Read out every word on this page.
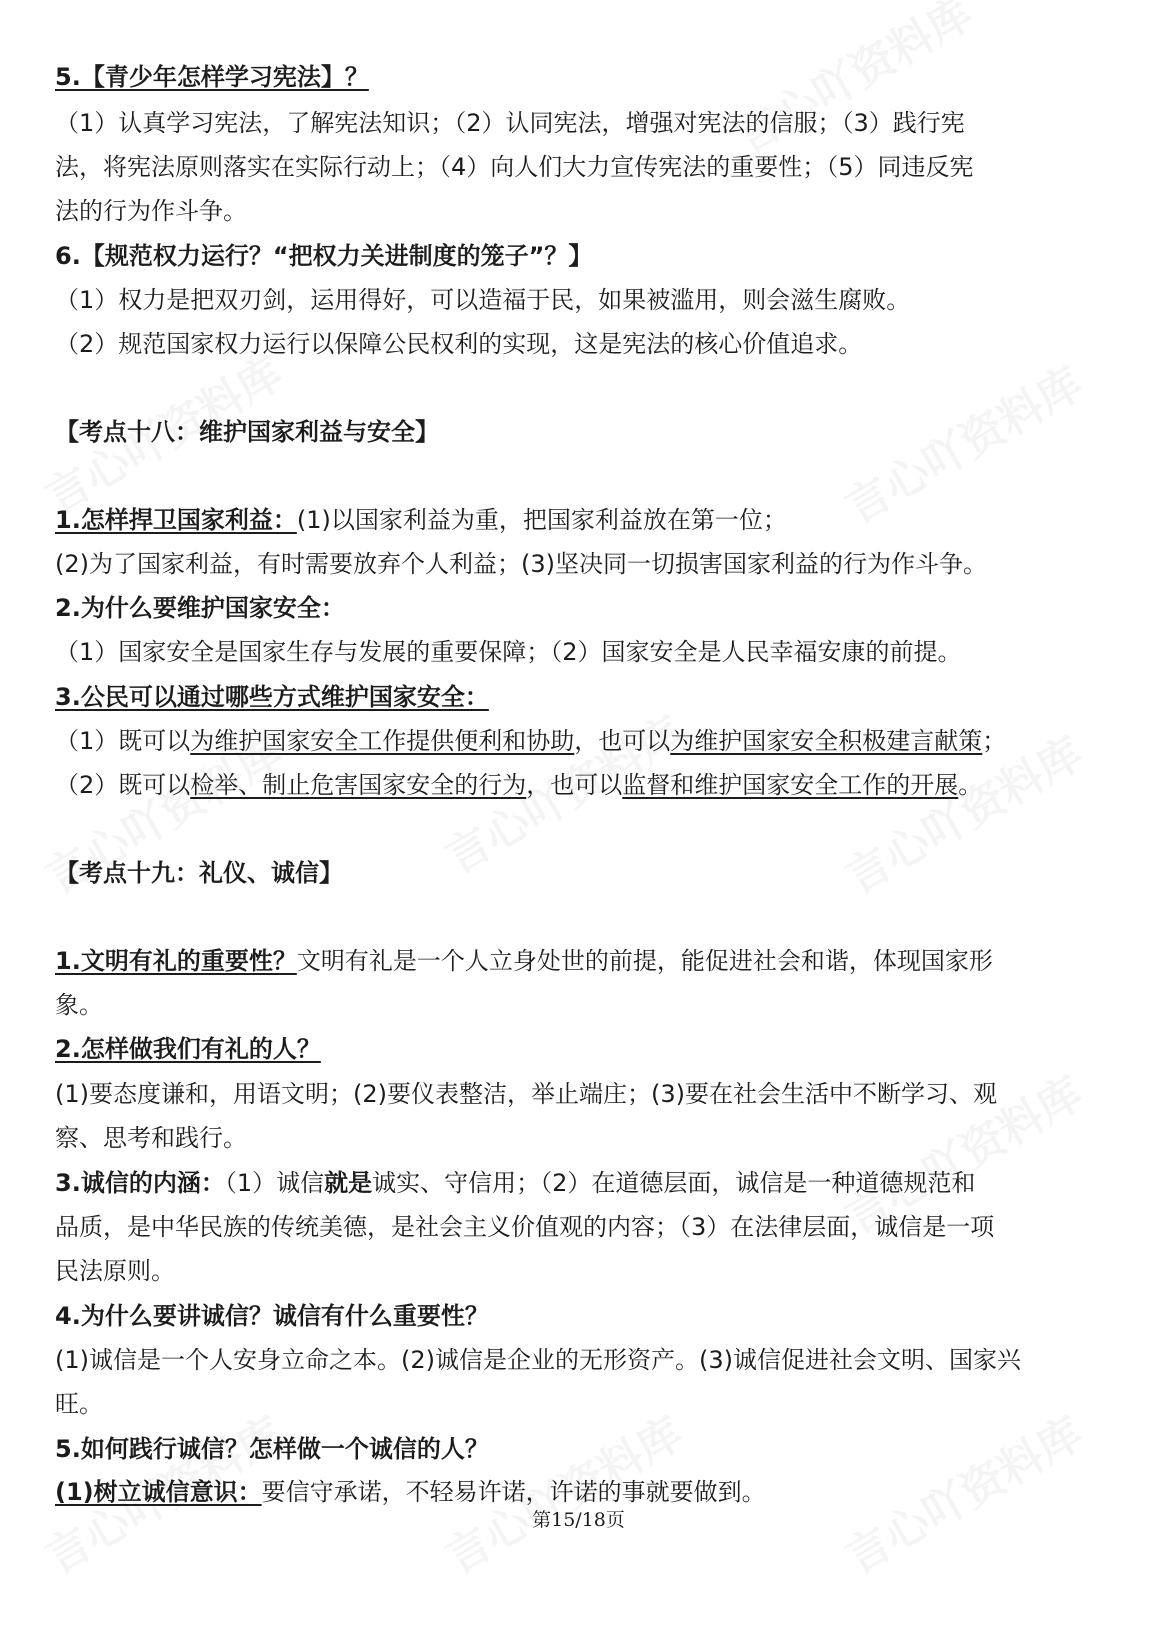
5.【青少年怎样学习宪法】？
（1）认真学习宪法，了解宪法知识；（2）认同宪法，增强对宪法的信服；（3）践行宪
法，将宪法原则落实在实际行动上；（4）向人们大力宣传宪法的重要性；（5）同违反宪
法的行为作斗争。
6.【规范权力运行？“把权力关进制度的笼子”？】
（1）权力是把双刃剑，运用得好，可以造福于民，如果被滥用，则会滋生腐败。
（2）规范国家权力运行以保障公民权利的实现，这是宪法的核心价值追求。
【考点十八：维护国家利益与安全】
1.怎样捍卫国家利益：(1)以国家利益为重，把国家利益放在第一位；
(2)为了国家利益，有时需要放弃个人利益；(3)坚决同一切损害国家利益的行为作斗争。
2.为什么要维护国家安全：
（1）国家安全是国家生存与发展的重要保障；（2）国家安全是人民幸福安康的前提。
3.公民可以通过哪些方式维护国家安全：
（1）既可以为维护国家安全工作提供便利和协助，也可以为维护国家安全积极建言献策；
（2）既可以检举、制止危害国家安全的行为，也可以监督和维护国家安全工作的开展。
【考点十九：礼仪、诚信】
1.文明有礼的重要性？文明有礼是一个人立身处世的前提，能促进社会和谐，体现国家形
象。
2.怎样做我们有礼的人？
(1)要态度谦和，用语文明；(2)要仪表整洁，举止端庄；(3)要在社会生活中不断学习、观
察、思考和践行。
3.诚信的内涵：（1）诚信就是诚实、守信用；（2）在道德层面，诚信是一种道德规范和
品质，是中华民族的传统美德，是社会主义价值观的内容；（3）在法律层面，诚信是一项
民法原则。
4.为什么要讲诚信？诚信有什么重要性？
(1)诚信是一个人安身立命之本。(2)诚信是企业的无形资产。(3)诚信促进社会文明、国家兴
旺。
5.如何践行诚信？怎样做一个诚信的人？
(1)树立诚信意识：要信守承诺，不轻易许诺，许诺的事就要做到。
第15/18页
